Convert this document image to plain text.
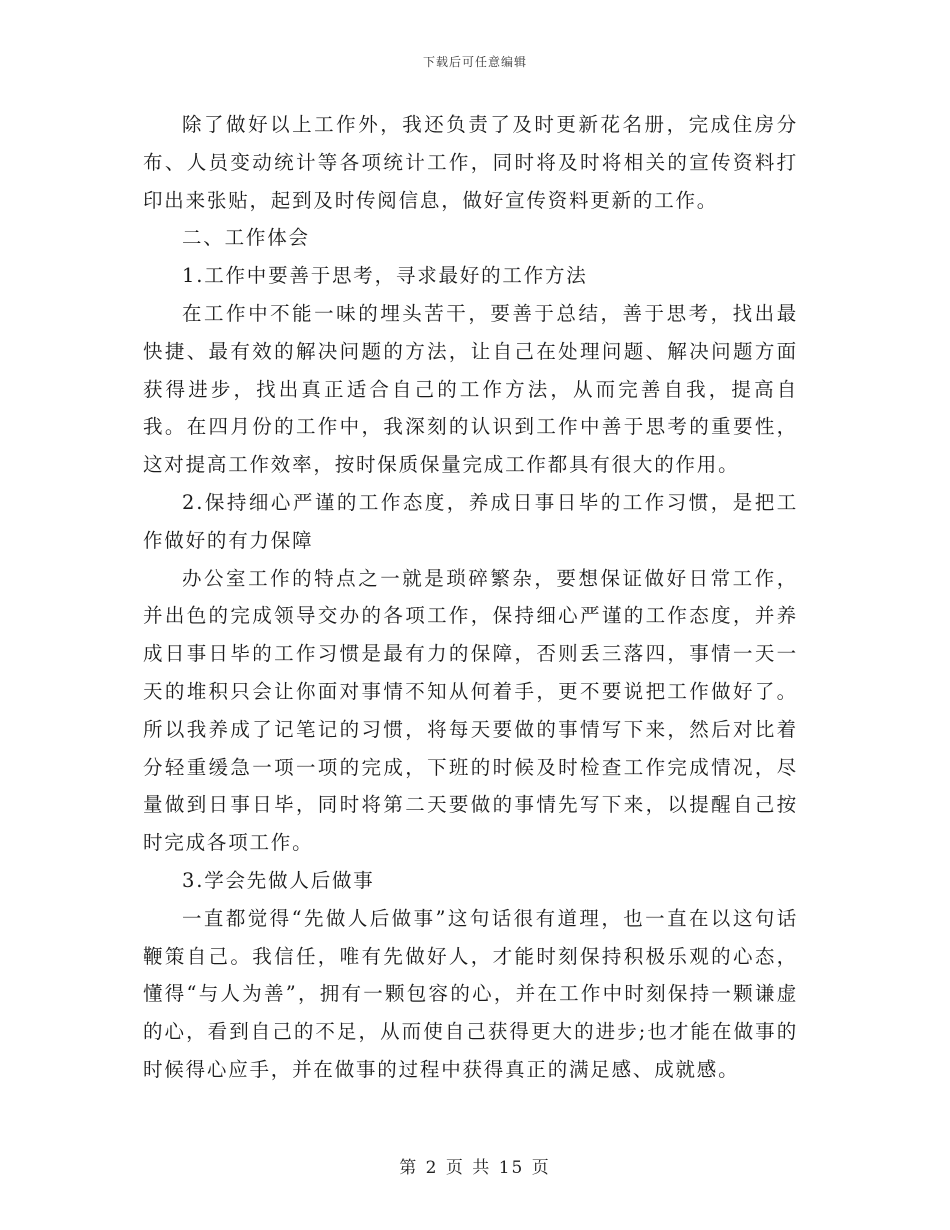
下载后可任意编辑

除了做好以上工作外，我还负责了及时更新花名册，完成住房分布、人员变动统计等各项统计工作，同时将及时将相关的宣传资料打印出来张贴，起到及时传阅信息，做好宣传资料更新的工作。

二、工作体会

1.工作中要善于思考，寻求最好的工作方法

在工作中不能一味的埋头苦干，要善于总结，善于思考，找出最快捷、最有效的解决问题的方法，让自己在处理问题、解决问题方面获得进步，找出真正适合自己的工作方法，从而完善自我，提高自我。在四月份的工作中，我深刻的认识到工作中善于思考的重要性，这对提高工作效率，按时保质保量完成工作都具有很大的作用。

2.保持细心严谨的工作态度，养成日事日毕的工作习惯，是把工作做好的有力保障

办公室工作的特点之一就是琐碎繁杂，要想保证做好日常工作，并出色的完成领导交办的各项工作，保持细心严谨的工作态度，并养成日事日毕的工作习惯是最有力的保障，否则丢三落四，事情一天一天的堆积只会让你面对事情不知从何着手，更不要说把工作做好了。所以我养成了记笔记的习惯，将每天要做的事情写下来，然后对比着分轻重缓急一项一项的完成，下班的时候及时检查工作完成情况，尽量做到日事日毕，同时将第二天要做的事情先写下来，以提醒自己按时完成各项工作。

3.学会先做人后做事

一直都觉得“先做人后做事”这句话很有道理，也一直在以这句话鞭策自己。我信任，唯有先做好人，才能时刻保持积极乐观的心态，懂得“与人为善”，拥有一颗包容的心，并在工作中时刻保持一颗谦虚的心，看到自己的不足，从而使自己获得更大的进步;也才能在做事的时候得心应手，并在做事的过程中获得真正的满足感、成就感。

第 2 页 共 15 页
